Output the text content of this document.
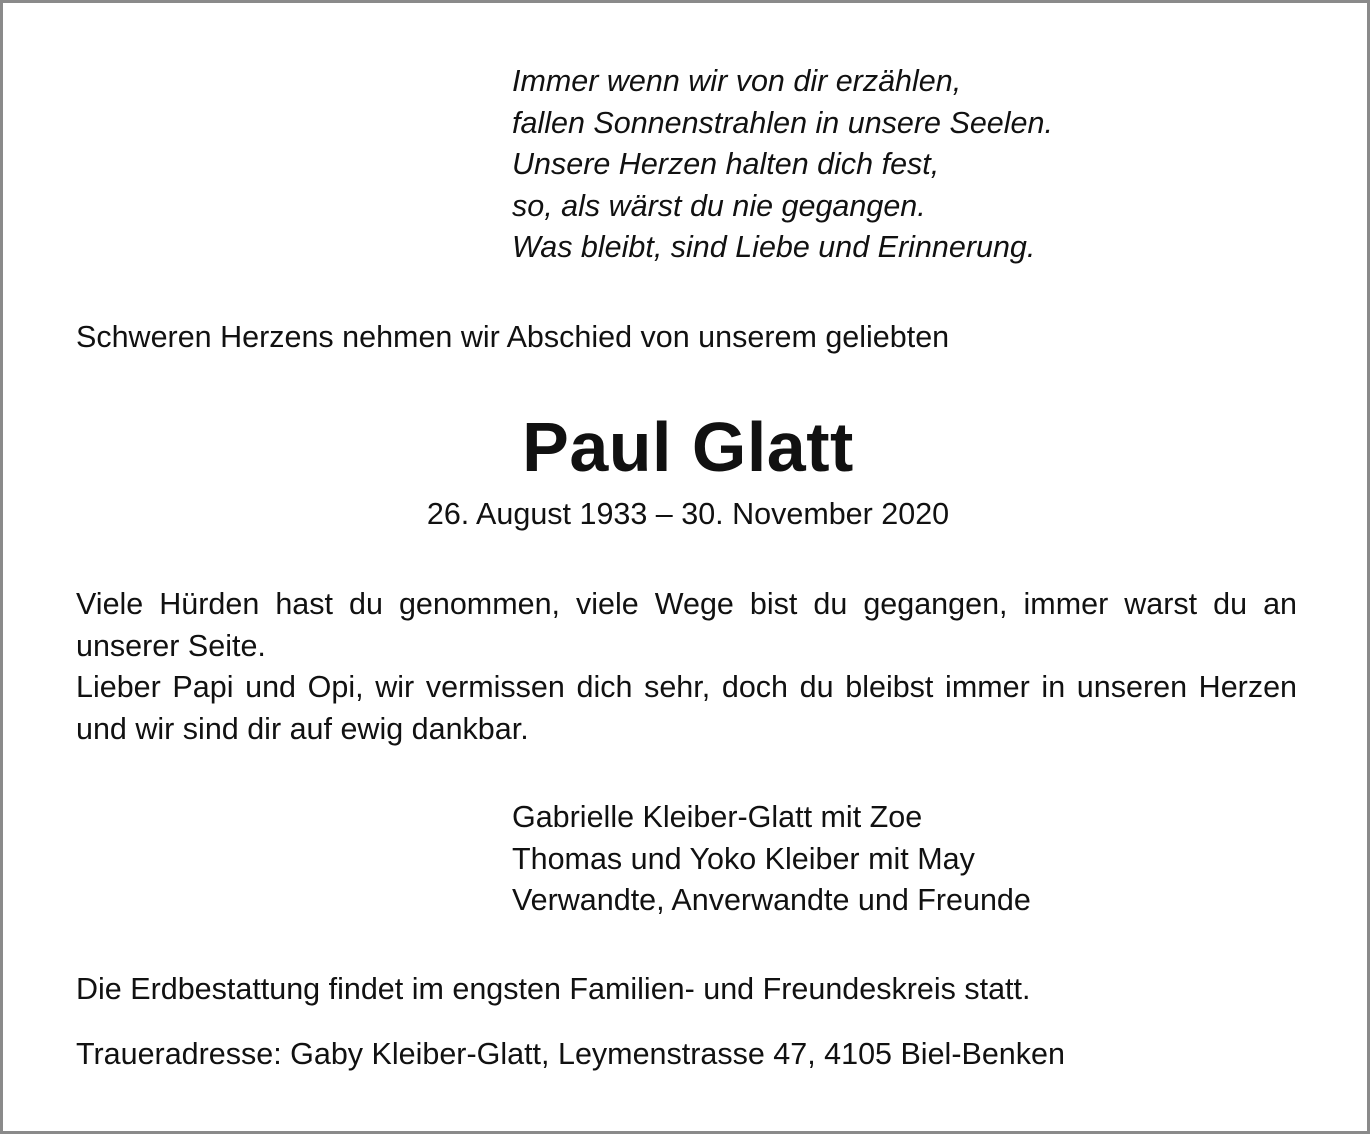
Immer wenn wir von dir erzählen,
fallen Sonnenstrahlen in unsere Seelen.
Unsere Herzen halten dich fest,
so, als wärst du nie gegangen.
Was bleibt, sind Liebe und Erinnerung.
Schweren Herzens nehmen wir Abschied von unserem geliebten
Paul Glatt
26. August 1933 – 30. November 2020

Viele Hürden hast du genommen, viele Wege bist du gegangen, immer warst du an unserer Seite.

Lieber Papi und Opi, wir vermissen dich sehr, doch du bleibst immer in unseren Herzen und wir sind dir auf ewig dankbar.

Gabrielle Kleiber-Glatt mit Zoe
Thomas und Yoko Kleiber mit May
Verwandte, Anverwandte und Freunde
Die Erdbestattung findet im engsten Familien- und Freundeskreis statt.
Traueradresse: Gaby Kleiber-Glatt, Leymenstrasse 47, 4105 Biel-Benken
